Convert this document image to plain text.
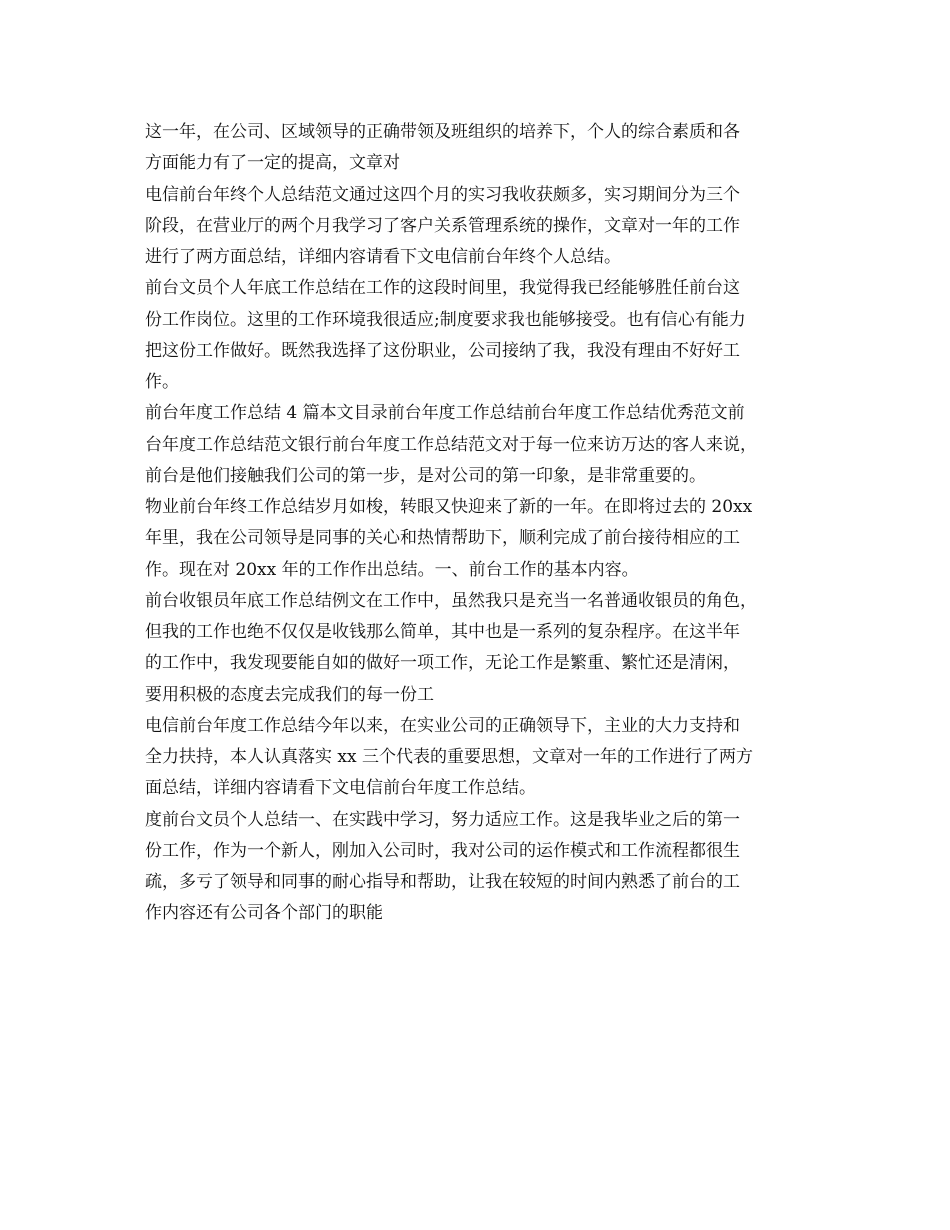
这一年，在公司、区域领导的正确带领及班组织的培养下，个人的综合素质和各
方面能力有了一定的提高，文章对

电信前台年终个人总结范文通过这四个月的实习我收获颇多，实习期间分为三个
阶段，在营业厅的两个月我学习了客户关系管理系统的操作，文章对一年的工作
进行了两方面总结，详细内容请看下文电信前台年终个人总结。

前台文员个人年底工作总结在工作的这段时间里，我觉得我已经能够胜任前台这
份工作岗位。这里的工作环境我很适应;制度要求我也能够接受。也有信心有能力
把这份工作做好。既然我选择了这份职业，公司接纳了我，我没有理由不好好工
作。

前台年度工作总结 4 篇本文目录前台年度工作总结前台年度工作总结优秀范文前
台年度工作总结范文银行前台年度工作总结范文对于每一位来访万达的客人来说，
前台是他们接触我们公司的第一步，是对公司的第一印象，是非常重要的。

物业前台年终工作总结岁月如梭，转眼又快迎来了新的一年。在即将过去的 20xx
年里，我在公司领导是同事的关心和热情帮助下，顺利完成了前台接待相应的工
作。现在对 20xx 年的工作作出总结。一、前台工作的基本内容。

前台收银员年底工作总结例文在工作中，虽然我只是充当一名普通收银员的角色，
但我的工作也绝不仅仅是收钱那么简单，其中也是一系列的复杂程序。在这半年
的工作中，我发现要能自如的做好一项工作，无论工作是繁重、繁忙还是清闲，
要用积极的态度去完成我们的每一份工

电信前台年度工作总结今年以来，在实业公司的正确领导下，主业的大力支持和
全力扶持，本人认真落实 xx 三个代表的重要思想，文章对一年的工作进行了两方
面总结，详细内容请看下文电信前台年度工作总结。

度前台文员个人总结一、在实践中学习，努力适应工作。这是我毕业之后的第一
份工作，作为一个新人，刚加入公司时，我对公司的运作模式和工作流程都很生
疏，多亏了领导和同事的耐心指导和帮助，让我在较短的时间内熟悉了前台的工
作内容还有公司各个部门的职能
